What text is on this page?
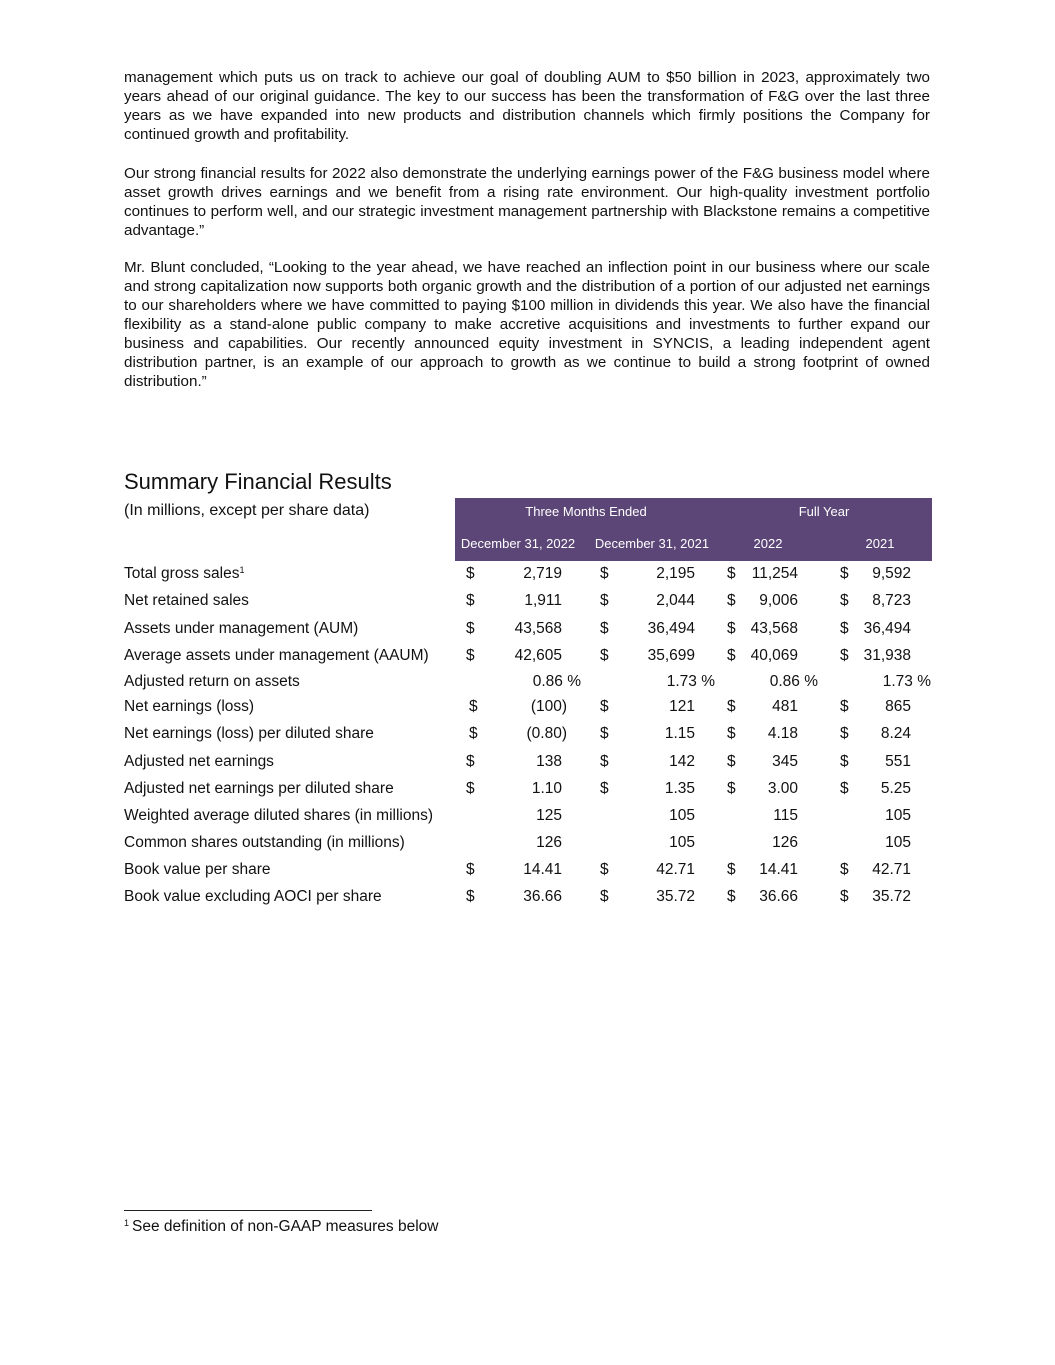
management which puts us on track to achieve our goal of doubling AUM to $50 billion in 2023, approximately two years ahead of our original guidance. The key to our success has been the transformation of F&G over the last three years as we have expanded into new products and distribution channels which firmly positions the Company for continued growth and profitability.

Our strong financial results for 2022 also demonstrate the underlying earnings power of the F&G business model where asset growth drives earnings and we benefit from a rising rate environment. Our high-quality investment portfolio continues to perform well, and our strategic investment management partnership with Blackstone remains a competitive advantage.”

Mr. Blunt concluded, “Looking to the year ahead, we have reached an inflection point in our business where our scale and strong capitalization now supports both organic growth and the distribution of a portion of our adjusted net earnings to our shareholders where we have committed to paying $100 million in dividends this year. We also have the financial flexibility as a stand-alone public company to make accretive acquisitions and investments to further expand our business and capabilities. Our recently announced equity investment in SYNCIS, a leading independent agent distribution partner, is an example of our approach to growth as we continue to build a strong footprint of owned distribution.”

Summary Financial Results

(In millions, except per share data)	Three Months Ended	Full Year
December 31, 2022 December 31, 2021	2022	2021
Total gross sales$^1$	$	2,719 $	2,195 $ 11,254	$ 9,592
Net retained sales	$	1,911 $	2,044 $ 9,006	$ 8,723
Assets under management (AUM)	$	43,568 $	36,494 $ 43,568	$ 36,494
Average assets under management (AAUM) $	42,605 $	35,699 $ 40,069	$ 31,938
Adjusted return on assets	0.86 %	1.73 %	0.86 %	1.73 %
Net earnings (loss)	$	(100) $	121 $ 481	$ 865
Net earnings (loss) per diluted share	$	(0.80) $	1.15 $ 4.18	$ 8.24
Adjusted net earnings	$	138 $	142 $ 345	$ 551
Adjusted net earnings per diluted share	$	1.10 $	1.35 $ 3.00	$ 5.25
Weighted average diluted shares (in millions)	125	105	115	105
Common shares outstanding (in millions)	126	105	126	105
Book value per share	$	14.41 $	42.71 $ 14.41	$ 42.71
Book value excluding AOCI per share	$	36.66 $	35.72 $ 36.66	$ 35.72

$^1$ See definition of non-GAAP measures below
